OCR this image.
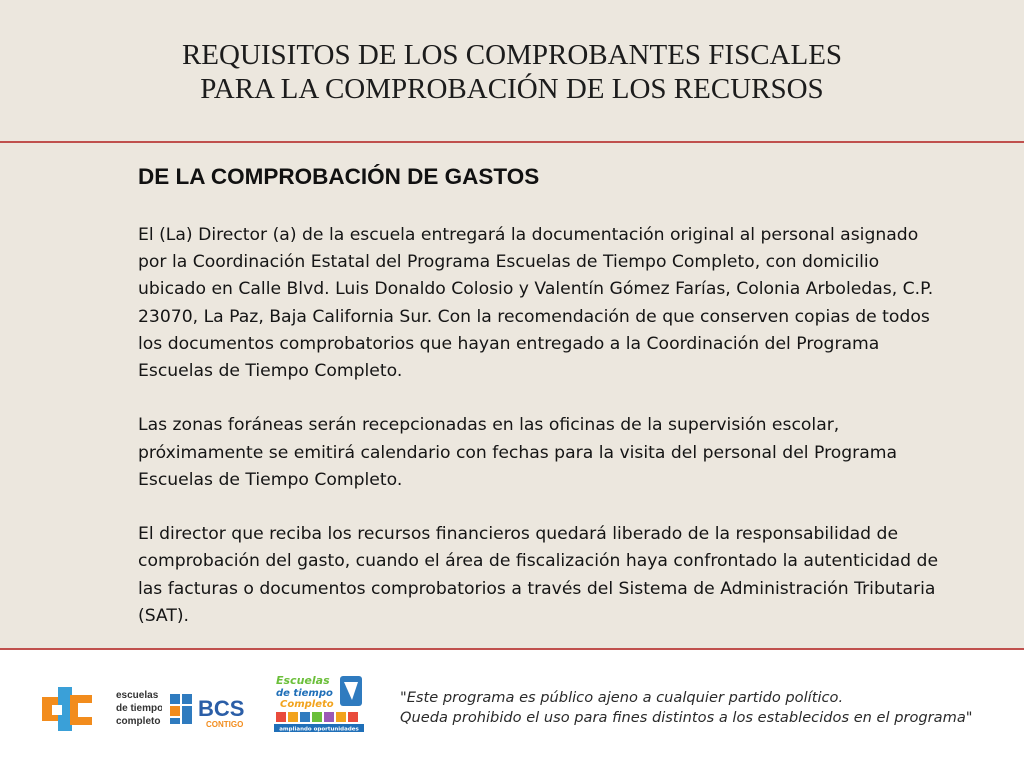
REQUISITOS DE LOS COMPROBANTES FISCALES
PARA LA COMPROBACIÓN DE LOS RECURSOS
DE LA COMPROBACIÓN DE GASTOS

El (La) Director (a) de la escuela entregará la documentación original al personal asignado por la Coordinación Estatal del Programa Escuelas de Tiempo Completo, con domicilio ubicado en Calle Blvd. Luis Donaldo Colosio y Valentín Gómez Farías, Colonia Arboledas, C.P. 23070, La Paz, Baja California Sur. Con la recomendación de que conserven copias de todos los documentos comprobatorios que hayan entregado a la Coordinación del Programa Escuelas de Tiempo Completo.

Las zonas foráneas serán recepcionadas en las oficinas de la supervisión escolar, próximamente se emitirá calendario con fechas para la visita del personal del Programa Escuelas de Tiempo Completo.

El director que reciba los recursos financieros quedará liberado de la responsabilidad de comprobación del gasto, cuando el área de fiscalización haya confrontado la autenticidad de las facturas o documentos comprobatorios a través del Sistema de Administración Tributaria (SAT).

escuelas
de tiempo
completo
BCS
CONTIGO
Escuelas
de tiempo
Completo
ampliando oportunidades
"Este programa es público ajeno a cualquier partido político.
Queda prohibido el uso para fines distintos a los establecidos en el programa"
